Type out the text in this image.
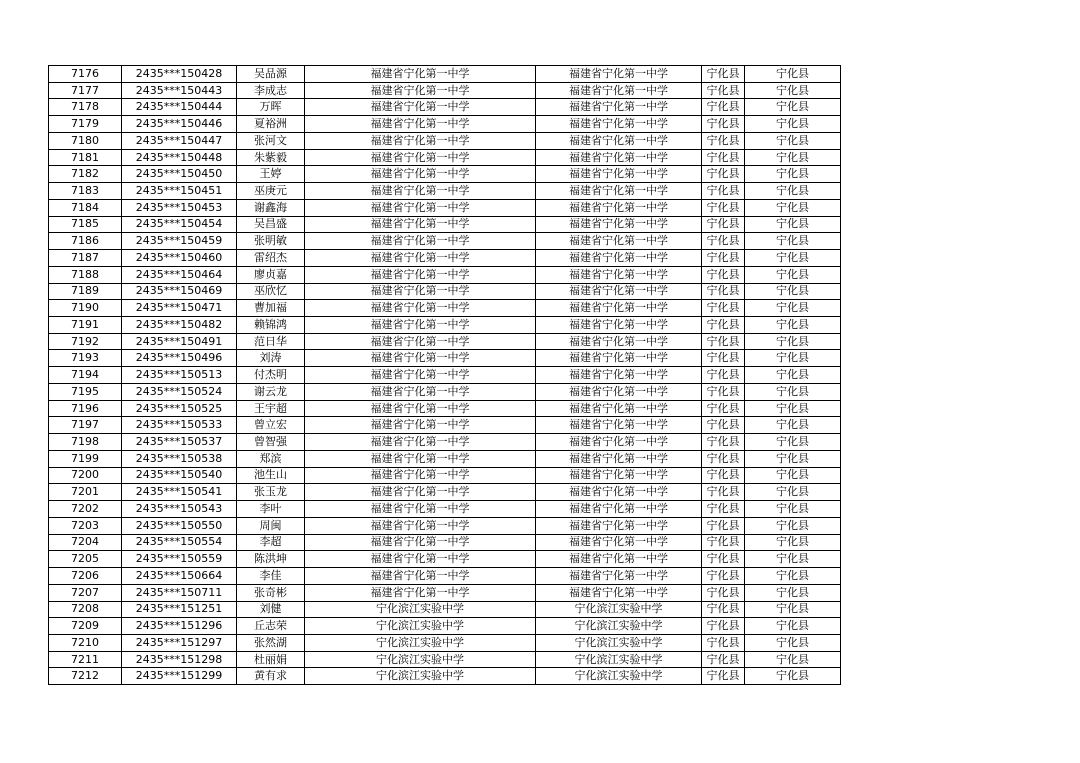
7176	2435***150428	吴品源	福建省宁化第一中学	福建省宁化第一中学	宁化县	宁化县
7177	2435***150443	李成志	福建省宁化第一中学	福建省宁化第一中学	宁化县	宁化县
7178	2435***150444	万晖	福建省宁化第一中学	福建省宁化第一中学	宁化县	宁化县
7179	2435***150446	夏裕洲	福建省宁化第一中学	福建省宁化第一中学	宁化县	宁化县
7180	2435***150447	张河文	福建省宁化第一中学	福建省宁化第一中学	宁化县	宁化县
7181	2435***150448	朱紫毅	福建省宁化第一中学	福建省宁化第一中学	宁化县	宁化县
7182	2435***150450	王婷	福建省宁化第一中学	福建省宁化第一中学	宁化县	宁化县
7183	2435***150451	巫庚元	福建省宁化第一中学	福建省宁化第一中学	宁化县	宁化县
7184	2435***150453	谢鑫海	福建省宁化第一中学	福建省宁化第一中学	宁化县	宁化县
7185	2435***150454	吴昌盛	福建省宁化第一中学	福建省宁化第一中学	宁化县	宁化县
7186	2435***150459	张明敏	福建省宁化第一中学	福建省宁化第一中学	宁化县	宁化县
7187	2435***150460	雷绍杰	福建省宁化第一中学	福建省宁化第一中学	宁化县	宁化县
7188	2435***150464	廖贞嘉	福建省宁化第一中学	福建省宁化第一中学	宁化县	宁化县
7189	2435***150469	巫欣忆	福建省宁化第一中学	福建省宁化第一中学	宁化县	宁化县
7190	2435***150471	曹加福	福建省宁化第一中学	福建省宁化第一中学	宁化县	宁化县
7191	2435***150482	赖锦鸿	福建省宁化第一中学	福建省宁化第一中学	宁化县	宁化县
7192	2435***150491	范日华	福建省宁化第一中学	福建省宁化第一中学	宁化县	宁化县
7193	2435***150496	刘涛	福建省宁化第一中学	福建省宁化第一中学	宁化县	宁化县
7194	2435***150513	付杰明	福建省宁化第一中学	福建省宁化第一中学	宁化县	宁化县
7195	2435***150524	谢云龙	福建省宁化第一中学	福建省宁化第一中学	宁化县	宁化县
7196	2435***150525	王宇超	福建省宁化第一中学	福建省宁化第一中学	宁化县	宁化县
7197	2435***150533	曾立宏	福建省宁化第一中学	福建省宁化第一中学	宁化县	宁化县
7198	2435***150537	曾智强	福建省宁化第一中学	福建省宁化第一中学	宁化县	宁化县
7199	2435***150538	郑滨	福建省宁化第一中学	福建省宁化第一中学	宁化县	宁化县
7200	2435***150540	池生山	福建省宁化第一中学	福建省宁化第一中学	宁化县	宁化县
7201	2435***150541	张玉龙	福建省宁化第一中学	福建省宁化第一中学	宁化县	宁化县
7202	2435***150543	李叶	福建省宁化第一中学	福建省宁化第一中学	宁化县	宁化县
7203	2435***150550	周闽	福建省宁化第一中学	福建省宁化第一中学	宁化县	宁化县
7204	2435***150554	李超	福建省宁化第一中学	福建省宁化第一中学	宁化县	宁化县
7205	2435***150559	陈洪坤	福建省宁化第一中学	福建省宁化第一中学	宁化县	宁化县
7206	2435***150664	李佳	福建省宁化第一中学	福建省宁化第一中学	宁化县	宁化县
7207	2435***150711	张奇彬	福建省宁化第一中学	福建省宁化第一中学	宁化县	宁化县
7208	2435***151251	刘健	宁化滨江实验中学	宁化滨江实验中学	宁化县	宁化县
7209	2435***151296	丘志荣	宁化滨江实验中学	宁化滨江实验中学	宁化县	宁化县
7210	2435***151297	张然湖	宁化滨江实验中学	宁化滨江实验中学	宁化县	宁化县
7211	2435***151298	杜丽娟	宁化滨江实验中学	宁化滨江实验中学	宁化县	宁化县
7212	2435***151299	黄有求	宁化滨江实验中学	宁化滨江实验中学	宁化县	宁化县
